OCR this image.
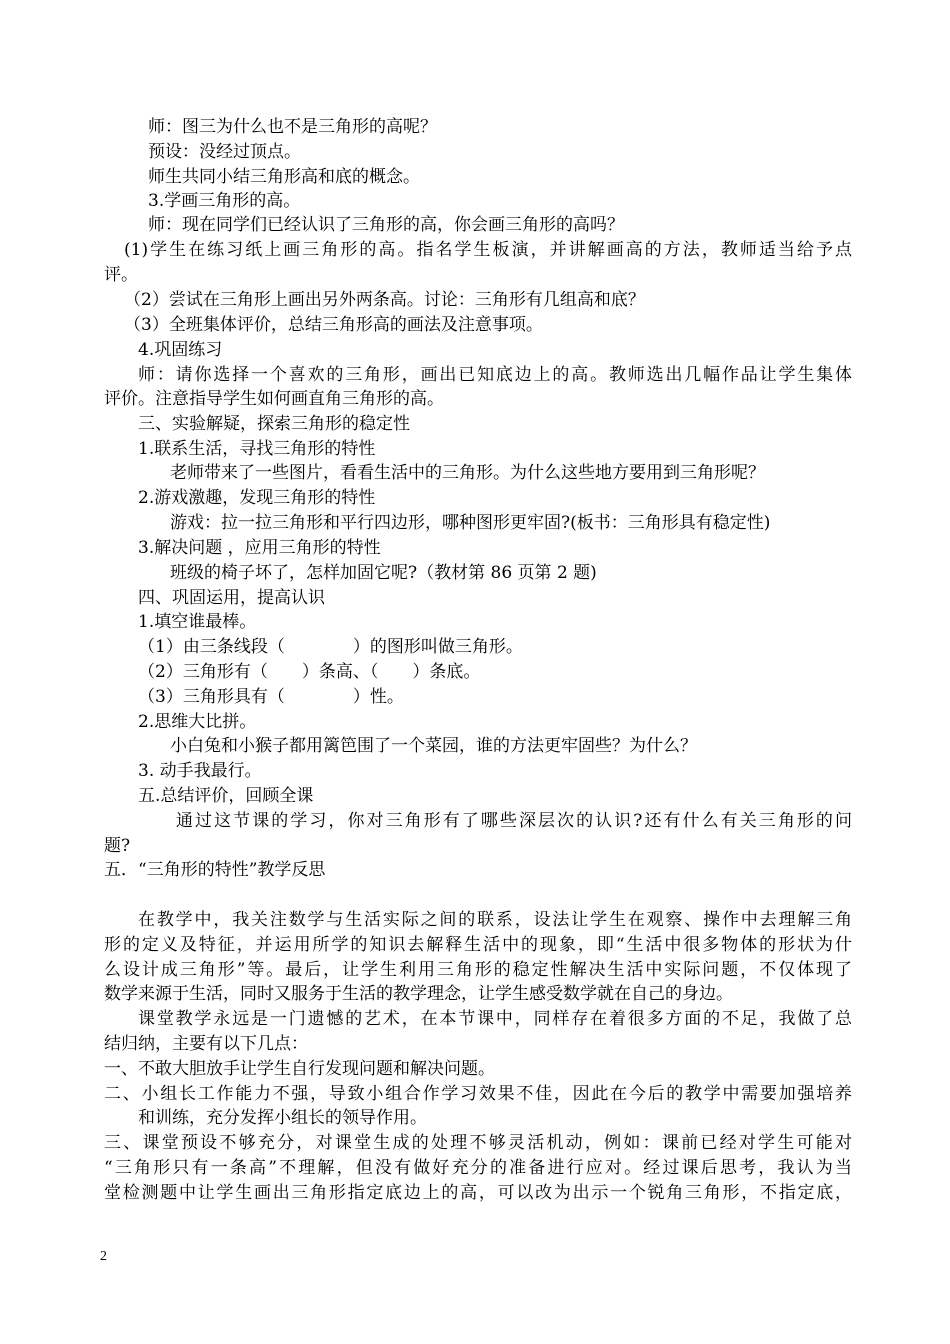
师：图三为什么也不是三角形的高呢？
预设：没经过顶点。
师生共同小结三角形高和底的概念。
3.学画三角形的高。
师：现在同学们已经认识了三角形的高，你会画三角形的高吗？
(1)学生在练习纸上画三角形的高。指名学生板演，并讲解画高的方法，教师适当给予点
评。
（2）尝试在三角形上画出另外两条高。讨论：三角形有几组高和底？
（3）全班集体评价，总结三角形高的画法及注意事项。
4.巩固练习
师：请你选择一个喜欢的三角形，画出已知底边上的高。教师选出几幅作品让学生集体
评价。注意指导学生如何画直角三角形的高。
三、实验解疑，探索三角形的稳定性
1.联系生活，寻找三角形的特性
老师带来了一些图片，看看生活中的三角形。为什么这些地方要用到三角形呢？
2.游戏激趣，发现三角形的特性
游戏：拉一拉三角形和平行四边形，哪种图形更牢固?(板书：三角形具有稳定性)
3.解决问题 ，应用三角形的特性
班级的椅子坏了，怎样加固它呢?（教材第 86 页第 2 题)
四、巩固运用，提高认识
1.填空谁最棒。
（1）由三条线段（　　　　）的图形叫做三角形。
（2）三角形有（　　）条高、（　　）条底。
（3）三角形具有（　　　　）性。
2.思维大比拼。
小白兔和小猴子都用篱笆围了一个菜园，谁的方法更牢固些？为什么？
3. 动手我最行。
五.总结评价，回顾全课
通过这节课的学习，你对三角形有了哪些深层次的认识?还有什么有关三角形的问
题?
五．“三角形的特性”教学反思
在教学中，我关注数学与生活实际之间的联系，设法让学生在观察、操作中去理解三角
形的定义及特征，并运用所学的知识去解释生活中的现象，即“生活中很多物体的形状为什
么设计成三角形”等。最后，让学生利用三角形的稳定性解决生活中实际问题，不仅体现了
数学来源于生活，同时又服务于生活的教学理念，让学生感受数学就在自己的身边。
课堂教学永远是一门遗憾的艺术，在本节课中，同样存在着很多方面的不足，我做了总
结归纳，主要有以下几点：
一、不敢大胆放手让学生自行发现问题和解决问题。
二、小组长工作能力不强，导致小组合作学习效果不佳，因此在今后的教学中需要加强培养
和训练，充分发挥小组长的领导作用。
三、课堂预设不够充分，对课堂生成的处理不够灵活机动，例如：课前已经对学生可能对
“三角形只有一条高”不理解，但没有做好充分的准备进行应对。经过课后思考，我认为当
堂检测题中让学生画出三角形指定底边上的高，可以改为出示一个锐角三角形，不指定底，
2
